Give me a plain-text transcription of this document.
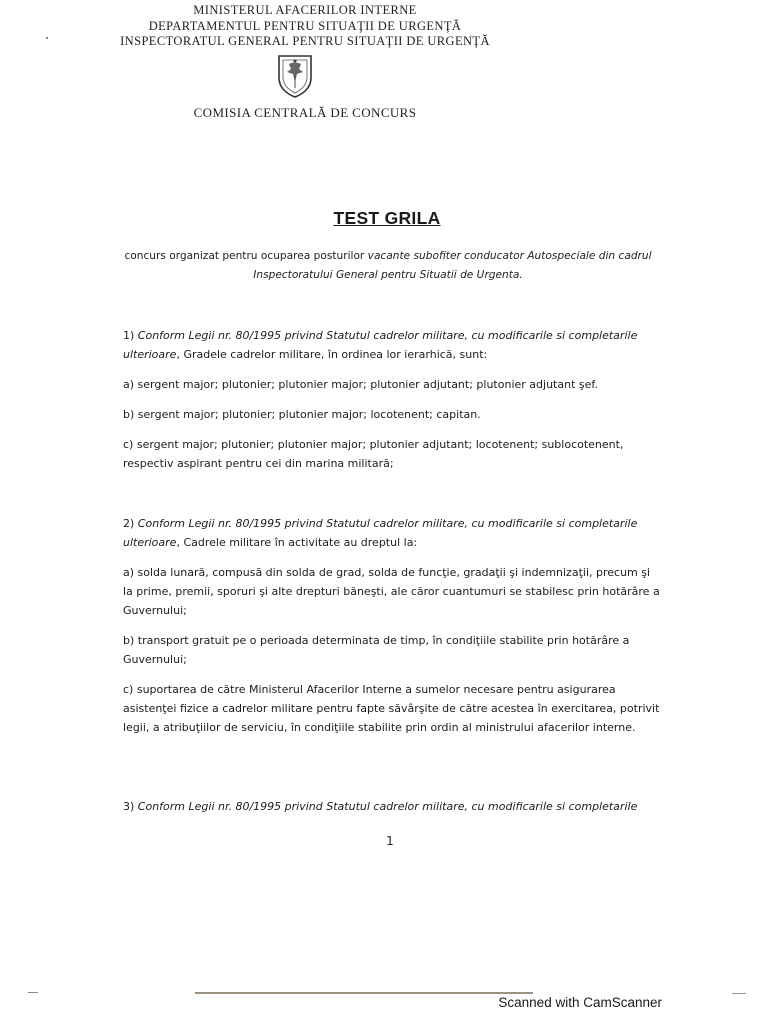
MINISTERUL AFACERILOR INTERNE
DEPARTAMENTUL PENTRU SITUAŢII DE URGENŢĂ
INSPECTORATUL GENERAL PENTRU SITUAŢII DE URGENŢĂ
COMISIA CENTRALĂ DE CONCURS
TEST GRILA
concurs organizat pentru ocuparea posturilor vacante subofiter conducator Autospeciale din cadrul Inspectoratului General pentru Situatii de Urgenta.

1) Conform Legii nr. 80/1995 privind Statutul cadrelor militare, cu modificarile si completarile ulterioare, Gradele cadrelor militare, în ordinea lor ierarhică, sunt:

a) sergent major; plutonier; plutonier major; plutonier adjutant; plutonier adjutant şef.

b) sergent major; plutonier; plutonier major; locotenent; capitan.

c) sergent major; plutonier; plutonier major; plutonier adjutant; locotenent; sublocotenent, respectiv aspirant pentru cei din marina militară;

2) Conform Legii nr. 80/1995 privind Statutul cadrelor militare, cu modificarile si completarile ulterioare, Cadrele militare în activitate au dreptul la:

a) solda lunară, compusă din solda de grad, solda de funcţie, gradaţii şi indemnizaţii, precum şi la prime, premii, sporuri şi alte drepturi băneşti, ale căror cuantumuri se stabilesc prin hotărâre a Guvernului;

b) transport gratuit pe o perioada determinata de timp, în condiţiile stabilite prin hotărâre a Guvernului;

c) suportarea de către Ministerul Afacerilor Interne a sumelor necesare pentru asigurarea asistenţei fizice a cadrelor militare pentru fapte săvârşite de către acestea în exercitarea, potrivit legii, a atribuţiilor de serviciu, în condiţiile stabilite prin ordin al ministrului afacerilor interne.

3) Conform Legii nr. 80/1995 privind Statutul cadrelor militare, cu modificarile si completarile

1
Scanned with CamScanner
